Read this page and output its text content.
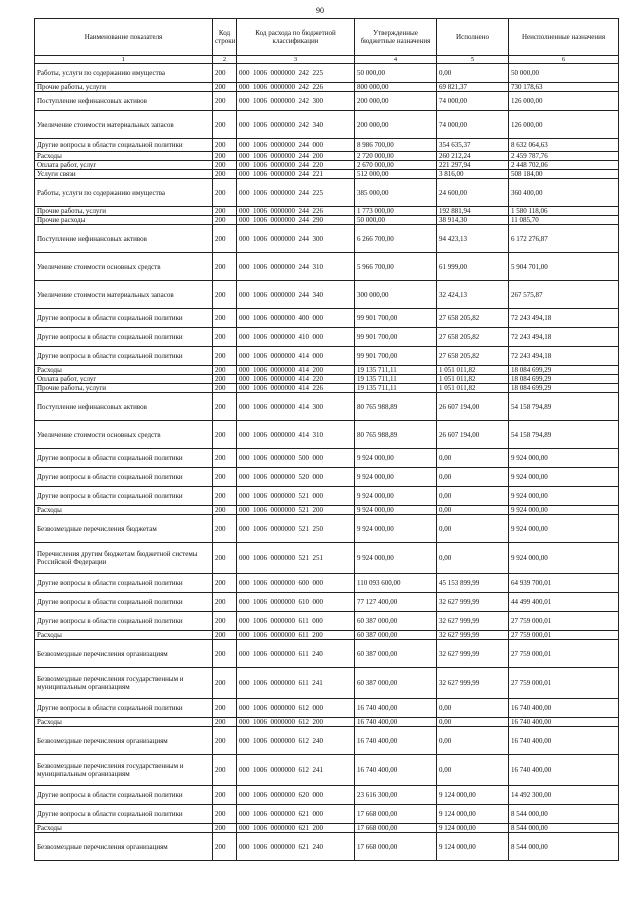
90
Наименование показателя	Код строки	Код расхода по бюджетной классификации	Утвержденные бюджетные назначения	Исполнено	Неисполненные назначения
1	2	3	4	5	6
Работы, услуги по содержанию имущества	200	000  1006  0000000  242  225	50 000,00	0,00	50 000,00
Прочие работы, услуги	200	000  1006  0000000  242  226	800 000,00	69 821,37	730 178,63
Поступление нефинансовых активов	200	000  1006  0000000  242  300	200 000,00	74 000,00	126 000,00
Увеличение стоимости материальных запасов	200	000  1006  0000000  242  340	200 000,00	74 000,00	126 000,00
Другие вопросы в области социальной политики	200	000  1006  0000000  244  000	8 986 700,00	354 635,37	8 632 064,63
Расходы	200	000  1006  0000000  244  200	2 720 000,00	260 212,24	2 459 787,76
Оплата работ, услуг	200	000  1006  0000000  244  220	2 670 000,00	221 297,94	2 448 702,06
Услуги связи	200	000  1006  0000000  244  221	512 000,00	3 816,00	508 184,00
Работы, услуги по содержанию имущества	200	000  1006  0000000  244  225	385 000,00	24 600,00	360 400,00
Прочие работы, услуги	200	000  1006  0000000  244  226	1 773 000,00	192 881,94	1 580 118,06
Прочие расходы	200	000  1006  0000000  244  290	50 000,00	38 914,30	11 085,70
Поступление нефинансовых активов	200	000  1006  0000000  244  300	6 266 700,00	94 423,13	6 172 276,87
Увеличение стоимости основных средств	200	000  1006  0000000  244  310	5 966 700,00	61 999,00	5 904 701,00
Увеличение стоимости материальных запасов	200	000  1006  0000000  244  340	300 000,00	32 424,13	267 575,87
Другие вопросы в области социальной политики	200	000  1006  0000000  400  000	99 901 700,00	27 658 205,82	72 243 494,18
Другие вопросы в области социальной политики	200	000  1006  0000000  410  000	99 901 700,00	27 658 205,82	72 243 494,18
Другие вопросы в области социальной политики	200	000  1006  0000000  414  000	99 901 700,00	27 658 205,82	72 243 494,18
Расходы	200	000  1006  0000000  414  200	19 135 711,11	1 051 011,82	18 084 699,29
Оплата работ, услуг	200	000  1006  0000000  414  220	19 135 711,11	1 051 011,82	18 084 699,29
Прочие работы, услуги	200	000  1006  0000000  414  226	19 135 711,11	1 051 011,82	18 084 699,29
Поступление нефинансовых активов	200	000  1006  0000000  414  300	80 765 988,89	26 607 194,00	54 158 794,89
Увеличение стоимости основных средств	200	000  1006  0000000  414  310	80 765 988,89	26 607 194,00	54 158 794,89
Другие вопросы в области социальной политики	200	000  1006  0000000  500  000	9 924 000,00	0,00	9 924 000,00
Другие вопросы в области социальной политики	200	000  1006  0000000  520  000	9 924 000,00	0,00	9 924 000,00
Другие вопросы в области социальной политики	200	000  1006  0000000  521  000	9 924 000,00	0,00	9 924 000,00
Расходы	200	000  1006  0000000  521  200	9 924 000,00	0,00	9 924 000,00
Безвозмездные перечисления бюджетам	200	000  1006  0000000  521  250	9 924 000,00	0,00	9 924 000,00
Перечисления другим бюджетам бюджетной системы Российской Федерации	200	000  1006  0000000  521  251	9 924 000,00	0,00	9 924 000,00
Другие вопросы в области социальной политики	200	000  1006  0000000  600  000	110 093 600,00	45 153 899,99	64 939 700,01
Другие вопросы в области социальной политики	200	000  1006  0000000  610  000	77 127 400,00	32 627 999,99	44 499 400,01
Другие вопросы в области социальной политики	200	000  1006  0000000  611  000	60 387 000,00	32 627 999,99	27 759 000,01
Расходы	200	000  1006  0000000  611  200	60 387 000,00	32 627 999,99	27 759 000,01
Безвозмездные перечисления организациям	200	000  1006  0000000  611  240	60 387 000,00	32 627 999,99	27 759 000,01
Безвозмездные перечисления государственным и муниципальным организациям	200	000  1006  0000000  611  241	60 387 000,00	32 627 999,99	27 759 000,01
Другие вопросы в области социальной политики	200	000  1006  0000000  612  000	16 740 400,00	0,00	16 740 400,00
Расходы	200	000  1006  0000000  612  200	16 740 400,00	0,00	16 740 400,00
Безвозмездные перечисления организациям	200	000  1006  0000000  612  240	16 740 400,00	0,00	16 740 400,00
Безвозмездные перечисления государственным и муниципальным организациям	200	000  1006  0000000  612  241	16 740 400,00	0,00	16 740 400,00
Другие вопросы в области социальной политики	200	000  1006  0000000  620  000	23 616 300,00	9 124 000,00	14 492 300,00
Другие вопросы в области социальной политики	200	000  1006  0000000  621  000	17 668 000,00	9 124 000,00	8 544 000,00
Расходы	200	000  1006  0000000  621  200	17 668 000,00	9 124 000,00	8 544 000,00
Безвозмездные перечисления организациям	200	000  1006  0000000  621  240	17 668 000,00	9 124 000,00	8 544 000,00
